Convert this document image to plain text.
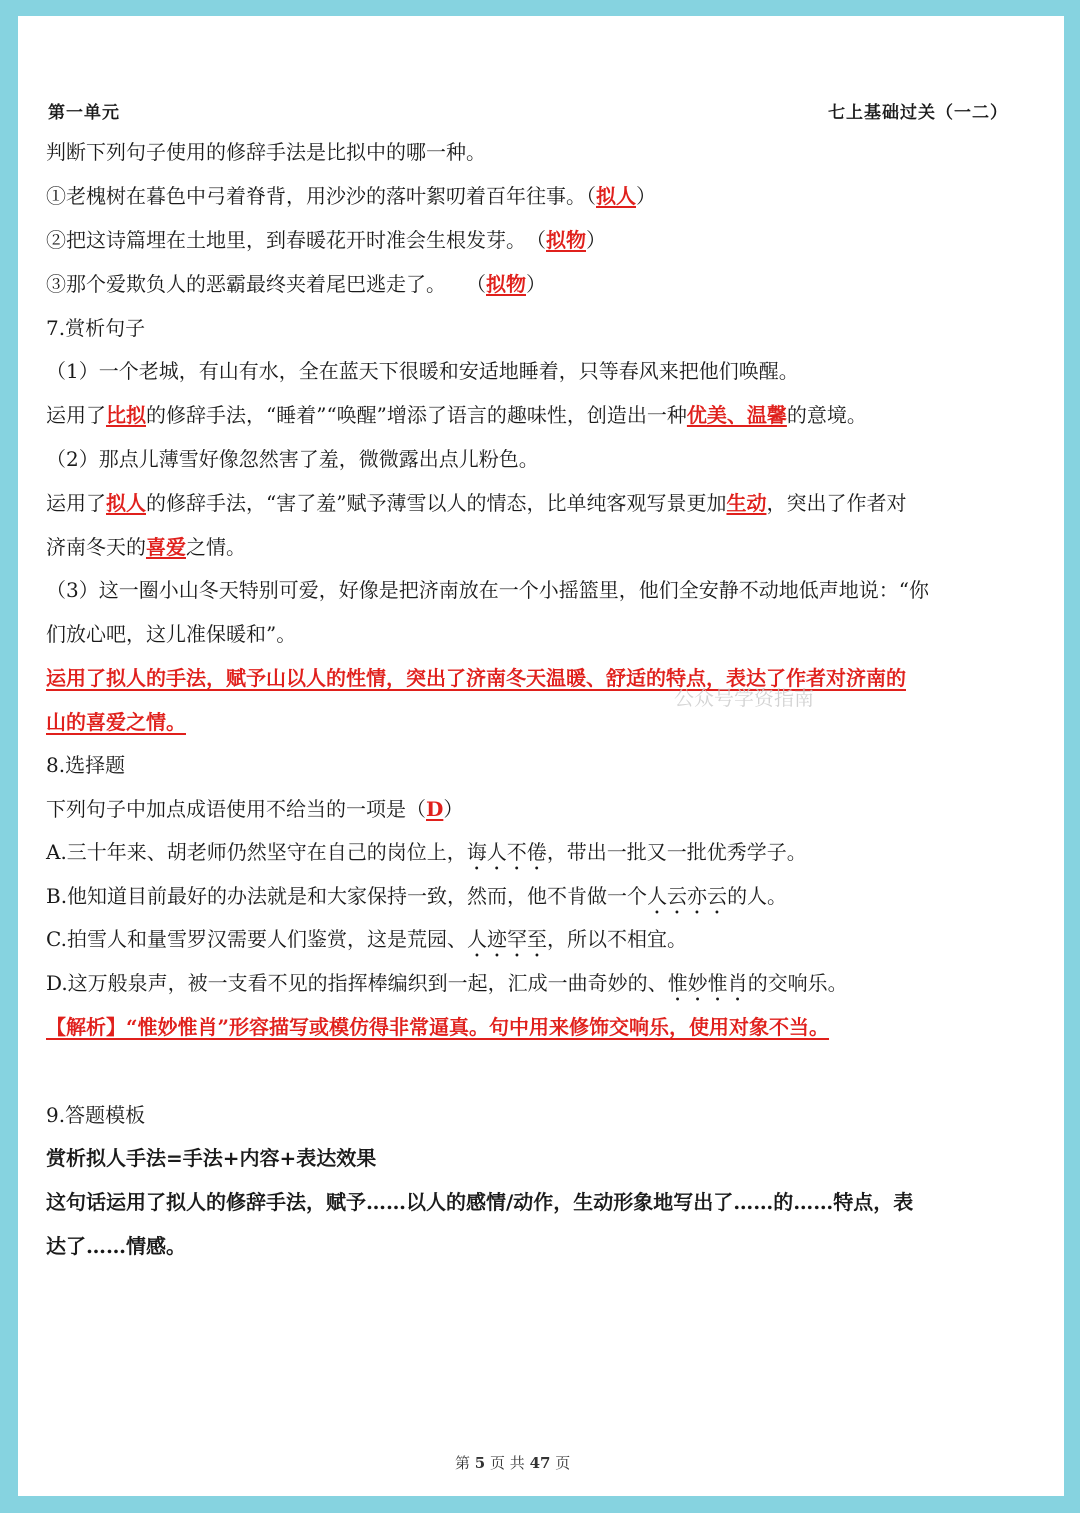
第一单元	七上基础过关（一二）
判断下列句子使用的修辞手法是比拟中的哪一种。
①老槐树在暮色中弓着脊背，用沙沙的落叶絮叨着百年往事。（拟人）
②把这诗篇埋在土地里，到春暖花开时准会生根发芽。　（拟物）
③那个爱欺负人的恶霸最终夹着尾巴逃走了。　　（拟物）
7.赏析句子
（1）一个老城，有山有水，全在蓝天下很暖和安适地睡着，只等春风来把他们唤醒。
运用了比拟的修辞手法，“睡着”“唤醒”增添了语言的趣味性，创造出一种优美、温馨的意境。
（2）那点儿薄雪好像忽然害了羞，微微露出点儿粉色。
运用了拟人的修辞手法，“害了羞”赋予薄雪以人的情态，比单纯客观写景更加生动，突出了作者对
济南冬天的喜爱之情。
（3）这一圈小山冬天特别可爱，好像是把济南放在一个小摇篮里，他们全安静不动地低声地说：“你
们放心吧，这儿准保暖和”。
运用了拟人的手法，赋予山以人的性情，突出了济南冬天温暖、舒适的特点，表达了作者对济南的
山的喜爱之情。
公众号学资指南
8.选择题
下列句子中加点成语使用不给当的一项是（D）
A.三十年来、胡老师仍然坚守在自己的岗位上，诲人不倦，带出一批又一批优秀学子。
B.他知道目前最好的办法就是和大家保持一致，然而，他不肯做一个人云亦云的人。
C.拍雪人和量雪罗汉需要人们鉴赏，这是荒园、人迹罕至，所以不相宜。
D.这万般泉声，被一支看不见的指挥棒编织到一起，汇成一曲奇妙的、惟妙惟肖的交响乐。
【解析】“惟妙惟肖”形容描写或模仿得非常逼真。句中用来修饰交响乐，使用对象不当。
9.答题模板
赏析拟人手法=手法+内容+表达效果
这句话运用了拟人的修辞手法，赋予……以人的感情/动作，生动形象地写出了……的……特点，表
达了……情感。
第 5 页 共 47 页
